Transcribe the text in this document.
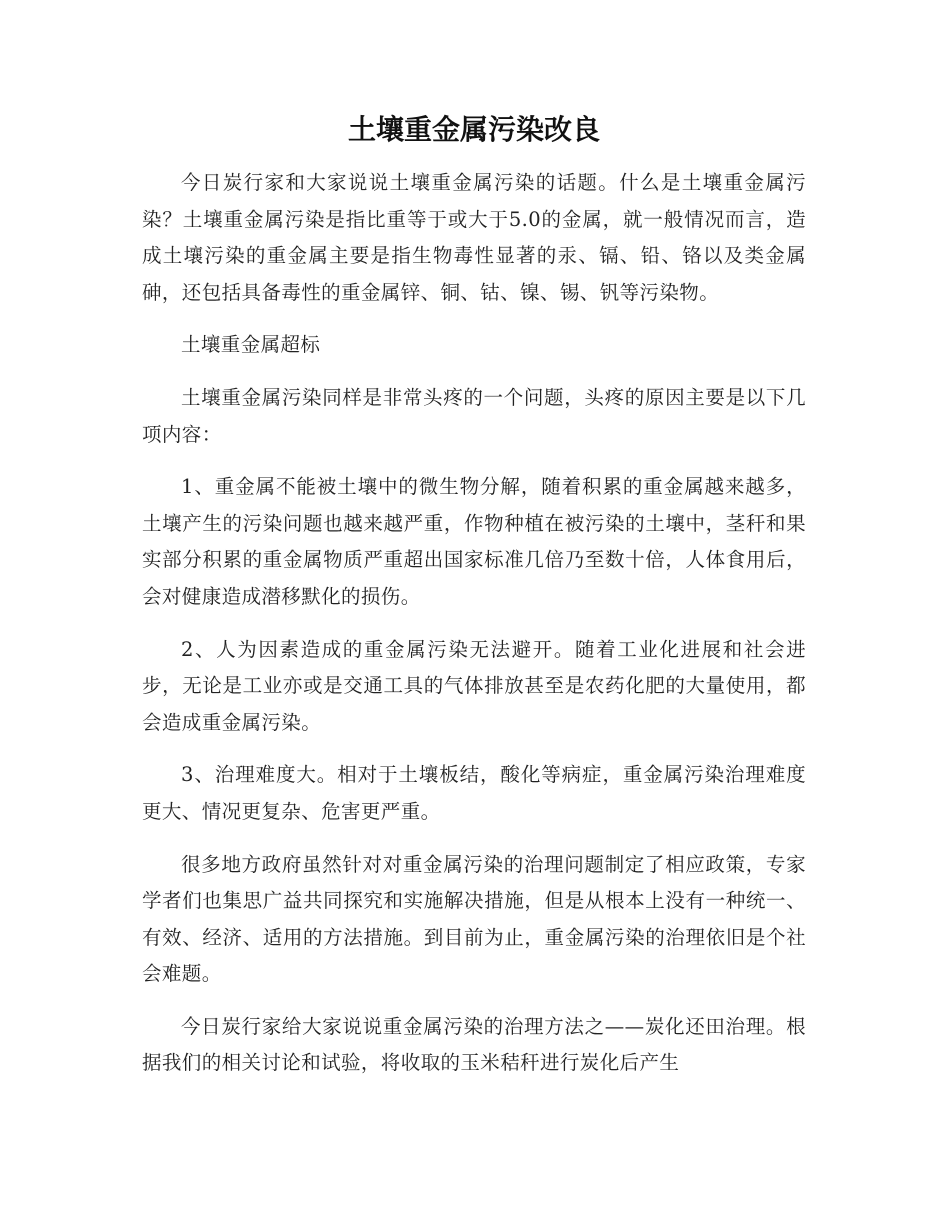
土壤重金属污染改良

今日炭行家和大家说说土壤重金属污染的话题。什么是土壤重金属污染？土壤重金属污染是指比重等于或大于5.0的金属，就一般情况而言，造成土壤污染的重金属主要是指生物毒性显著的汞、镉、铅、铬以及类金属砷，还包括具备毒性的重金属锌、铜、钴、镍、锡、钒等污染物。

土壤重金属超标

土壤重金属污染同样是非常头疼的一个问题，头疼的原因主要是以下几项内容：

1、重金属不能被土壤中的微生物分解，随着积累的重金属越来越多，土壤产生的污染问题也越来越严重，作物种植在被污染的土壤中，茎秆和果实部分积累的重金属物质严重超出国家标准几倍乃至数十倍，人体食用后，会对健康造成潜移默化的损伤。

2、人为因素造成的重金属污染无法避开。随着工业化进展和社会进步，无论是工业亦或是交通工具的气体排放甚至是农药化肥的大量使用，都会造成重金属污染。

3、治理难度大。相对于土壤板结，酸化等病症，重金属污染治理难度更大、情况更复杂、危害更严重。

很多地方政府虽然针对对重金属污染的治理问题制定了相应政策，专家学者们也集思广益共同探究和实施解决措施，但是从根本上没有一种统一、有效、经济、适用的方法措施。到目前为止，重金属污染的治理依旧是个社会难题。

今日炭行家给大家说说重金属污染的治理方法之——炭化还田治理。根据我们的相关讨论和试验，将收取的玉米秸秆进行炭化后产生
